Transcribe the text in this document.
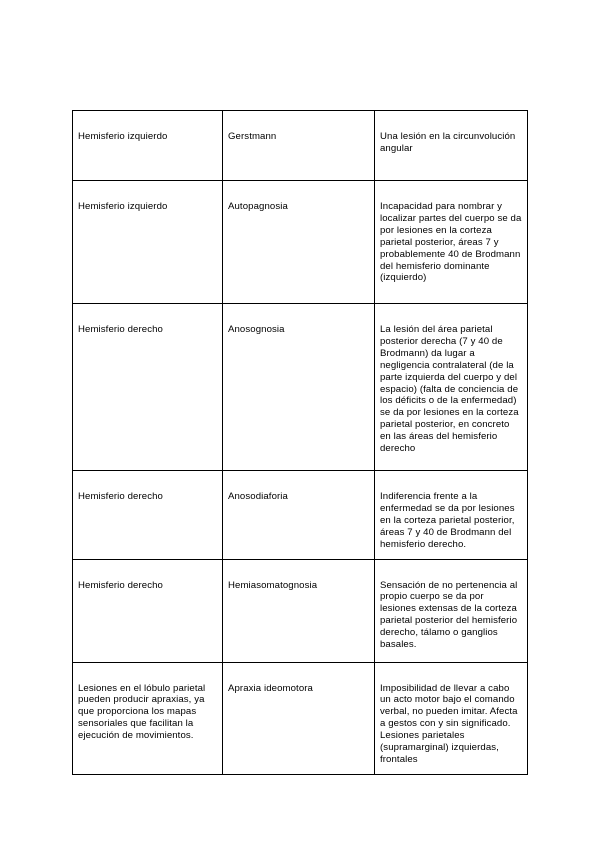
Hemisferio izquierdo	Gerstmann	Una lesión en la circunvolución angular
Hemisferio izquierdo	Autopagnosia	Incapacidad para nombrar y localizar partes del cuerpo se da por lesiones en la corteza parietal posterior, áreas 7 y probablemente 40 de Brodmann del hemisferio dominante (izquierdo)
Hemisferio derecho	Anosognosia	La lesión del área parietal posterior derecha (7 y 40 de Brodmann) da lugar a negligencia contralateral (de la parte izquierda del cuerpo y del espacio) (falta de conciencia de los déficits o de la enfermedad) se da por lesiones en la corteza parietal posterior, en concreto en las áreas del hemisferio derecho
Hemisferio derecho	Anosodiaforia	Indiferencia frente a la enfermedad se da por lesiones en la corteza parietal posterior, áreas 7 y 40 de Brodmann del hemisferio derecho.
Hemisferio derecho	Hemiasomatognosia	Sensación de no pertenencia al propio cuerpo se da por lesiones extensas de la corteza parietal posterior del hemisferio derecho, tálamo o ganglios basales.
Lesiones en el lóbulo parietal pueden producir apraxias, ya que proporciona los mapas sensoriales que facilitan la ejecución de movimientos.	Apraxia ideomotora	Imposibilidad de llevar a cabo un acto motor bajo el comando verbal, no pueden imitar. Afecta a gestos con y sin significado. Lesiones parietales (supramarginal) izquierdas, frontales
